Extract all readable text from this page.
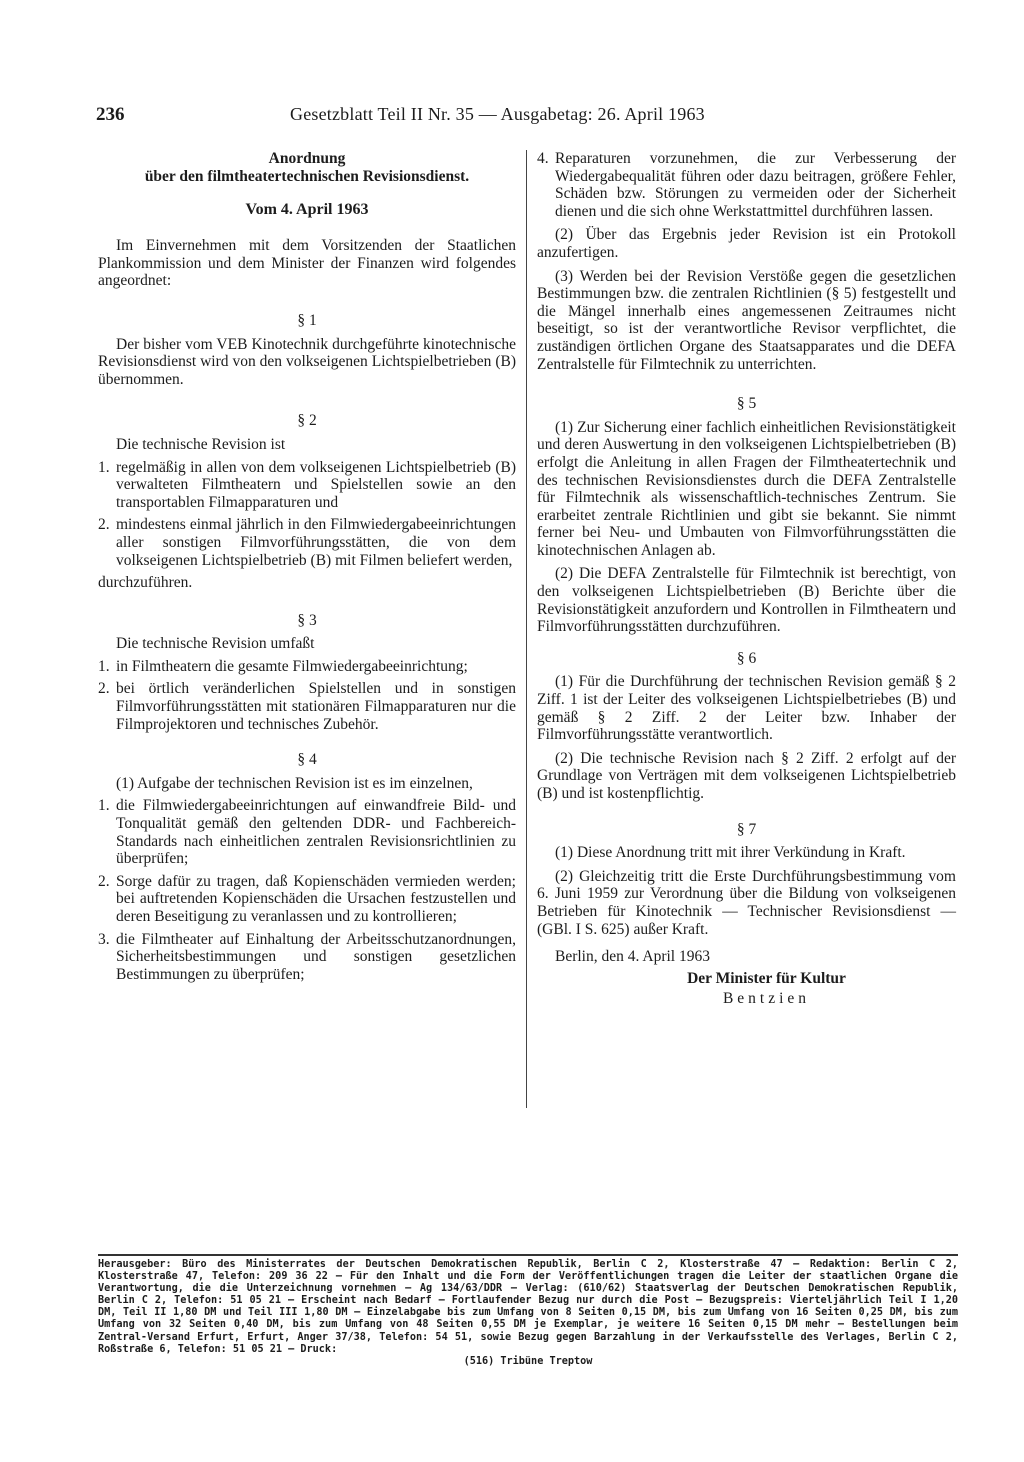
236	Gesetzblatt Teil II Nr. 35 — Ausgabetag: 26. April 1963
Anordnung
über den filmtheatertechnischen Revisionsdienst.
Vom 4. April 1963

Im Einvernehmen mit dem Vorsitzenden der Staatlichen Plankommission und dem Minister der Finanzen wird folgendes angeordnet:

§ 1

Der bisher vom VEB Kinotechnik durchgeführte kinotechnische Revisionsdienst wird von den volkseigenen Lichtspielbetrieben (B) übernommen.

§ 2

Die technische Revision ist

1. regelmäßig in allen von dem volkseigenen Lichtspielbetrieb (B) verwalteten Filmtheatern und Spielstellen sowie an den transportablen Filmapparaturen und
2. mindestens einmal jährlich in den Filmwiedergabeeinrichtungen aller sonstigen Filmvorführungsstätten, die von dem volkseigenen Lichtspielbetrieb (B) mit Filmen beliefert werden,

durchzuführen.

§ 3

Die technische Revision umfaßt

1. in Filmtheatern die gesamte Filmwiedergabeeinrichtung;
2. bei örtlich veränderlichen Spielstellen und in sonstigen Filmvorführungsstätten mit stationären Filmapparaturen nur die Filmprojektoren und technisches Zubehör.
§ 4

(1) Aufgabe der technischen Revision ist es im einzelnen,

1. die Filmwiedergabeeinrichtungen auf einwandfreie Bild- und Tonqualität gemäß den geltenden DDR- und Fachbereich-Standards nach einheitlichen zentralen Revisionsrichtlinien zu überprüfen;
2. Sorge dafür zu tragen, daß Kopienschäden vermieden werden; bei auftretenden Kopienschäden die Ursachen festzustellen und deren Beseitigung zu veranlassen und zu kontrollieren;
3. die Filmtheater auf Einhaltung der Arbeitsschutzanordnungen, Sicherheitsbestimmungen und sonstigen gesetzlichen Bestimmungen zu überprüfen;
4. Reparaturen vorzunehmen, die zur Verbesserung der Wiedergabequalität führen oder dazu beitragen, größere Fehler, Schäden bzw. Störungen zu vermeiden oder der Sicherheit dienen und die sich ohne Werkstattmittel durchführen lassen.

(2) Über das Ergebnis jeder Revision ist ein Protokoll anzufertigen.

(3) Werden bei der Revision Verstöße gegen die gesetzlichen Bestimmungen bzw. die zentralen Richtlinien (§ 5) festgestellt und die Mängel innerhalb eines angemessenen Zeitraumes nicht beseitigt, so ist der verantwortliche Revisor verpflichtet, die zuständigen örtlichen Organe des Staatsapparates und die DEFA Zentralstelle für Filmtechnik zu unterrichten.

§ 5

(1) Zur Sicherung einer fachlich einheitlichen Revisionstätigkeit und deren Auswertung in den volkseigenen Lichtspielbetrieben (B) erfolgt die Anleitung in allen Fragen der Filmtheatertechnik und des technischen Revisionsdienstes durch die DEFA Zentralstelle für Filmtechnik als wissenschaftlich-technisches Zentrum. Sie erarbeitet zentrale Richtlinien und gibt sie bekannt. Sie nimmt ferner bei Neu- und Umbauten von Filmvorführungsstätten die kinotechnischen Anlagen ab.

(2) Die DEFA Zentralstelle für Filmtechnik ist berechtigt, von den volkseigenen Lichtspielbetrieben (B) Berichte über die Revisionstätigkeit anzufordern und Kontrollen in Filmtheatern und Filmvorführungsstätten durchzuführen.

§ 6

(1) Für die Durchführung der technischen Revision gemäß § 2 Ziff. 1 ist der Leiter des volkseigenen Lichtspielbetriebes (B) und gemäß § 2 Ziff. 2 der Leiter bzw. Inhaber der Filmvorführungsstätte verantwortlich.

(2) Die technische Revision nach § 2 Ziff. 2 erfolgt auf der Grundlage von Verträgen mit dem volkseigenen Lichtspielbetrieb (B) und ist kostenpflichtig.

§ 7

(1) Diese Anordnung tritt mit ihrer Verkündung in Kraft.

(2) Gleichzeitig tritt die Erste Durchführungsbestimmung vom 6. Juni 1959 zur Verordnung über die Bildung von volkseigenen Betrieben für Kinotechnik — Technischer Revisionsdienst — (GBl. I S. 625) außer Kraft.

Berlin, den 4. April 1963

Der Minister für Kultur
Bentzien
Herausgeber: Büro des Ministerrates der Deutschen Demokratischen Republik, Berlin C 2, Klosterstraße 47 — Redaktion: Berlin C 2, Klosterstraße 47, Telefon: 209 36 22 — Für den Inhalt und die Form der Veröffentlichungen tragen die Leiter der staatlichen Organe die Verantwortung, die die Unterzeichnung vornehmen — Ag 134/63/DDR — Verlag: (610/62) Staatsverlag der Deutschen Demokratischen Republik, Berlin C 2, Telefon: 51 05 21 — Erscheint nach Bedarf — Fortlaufender Bezug nur durch die Post — Bezugspreis: Vierteljährlich Teil I 1,20 DM, Teil II 1,80 DM und Teil III 1,80 DM — Einzelabgabe bis zum Umfang von 8 Seiten 0,15 DM, bis zum Umfang von 16 Seiten 0,25 DM, bis zum Umfang von 32 Seiten 0,40 DM, bis zum Umfang von 48 Seiten 0,55 DM je Exemplar, je weitere 16 Seiten 0,15 DM mehr — Bestellungen beim Zentral-Versand Erfurt, Erfurt, Anger 37/38, Telefon: 54 51, sowie Bezug gegen Barzahlung in der Verkaufsstelle des Verlages, Berlin C 2, Roßstraße 6, Telefon: 51 05 21 — Druck:
(516) Tribüne Treptow
